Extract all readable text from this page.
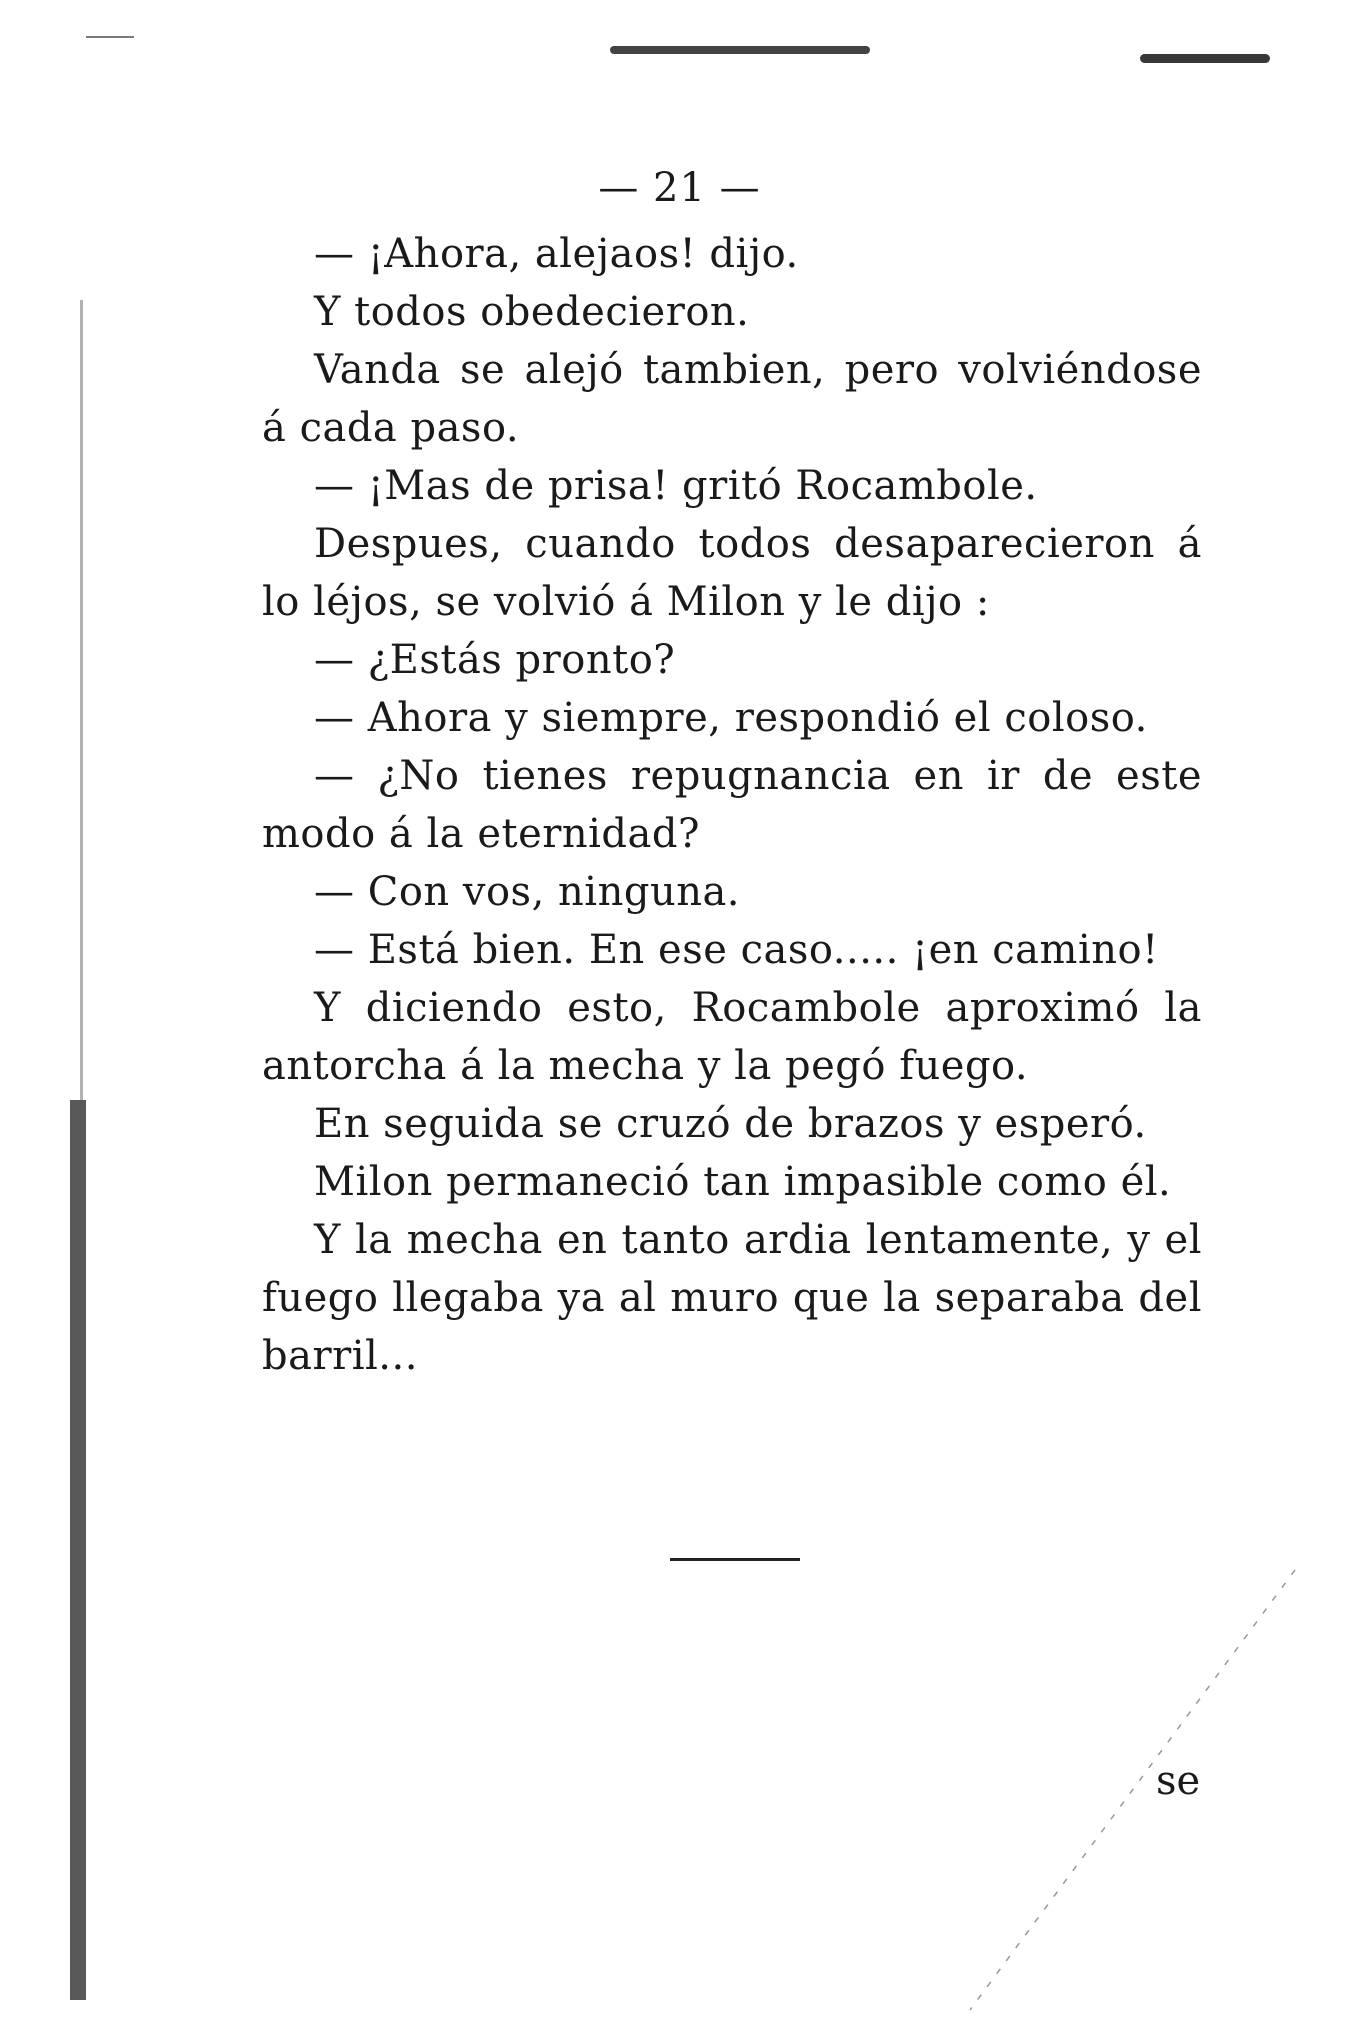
— 21 —

— ¡Ahora, alejaos! dijo.

Y todos obedecieron.

Vanda se alejó tambien, pero volviéndose á cada paso.

— ¡Mas de prisa! gritó Rocambole.

Despues, cuando todos desaparecieron á lo léjos, se volvió á Milon y le dijo :

— ¿Estás pronto?

— Ahora y siempre, respondió el coloso.

— ¿No tienes repugnancia en ir de este modo á la eternidad?

— Con vos, ninguna.

— Está bien. En ese caso..... ¡en camino!

Y diciendo esto, Rocambole aproximó la antorcha á la mecha y la pegó fuego.

En seguida se cruzó de brazos y esperó.

Milon permaneció tan impasible como él.

Y la mecha en tanto ardia lentamente, y el fuego llegaba ya al muro que la separaba del barril...

se
